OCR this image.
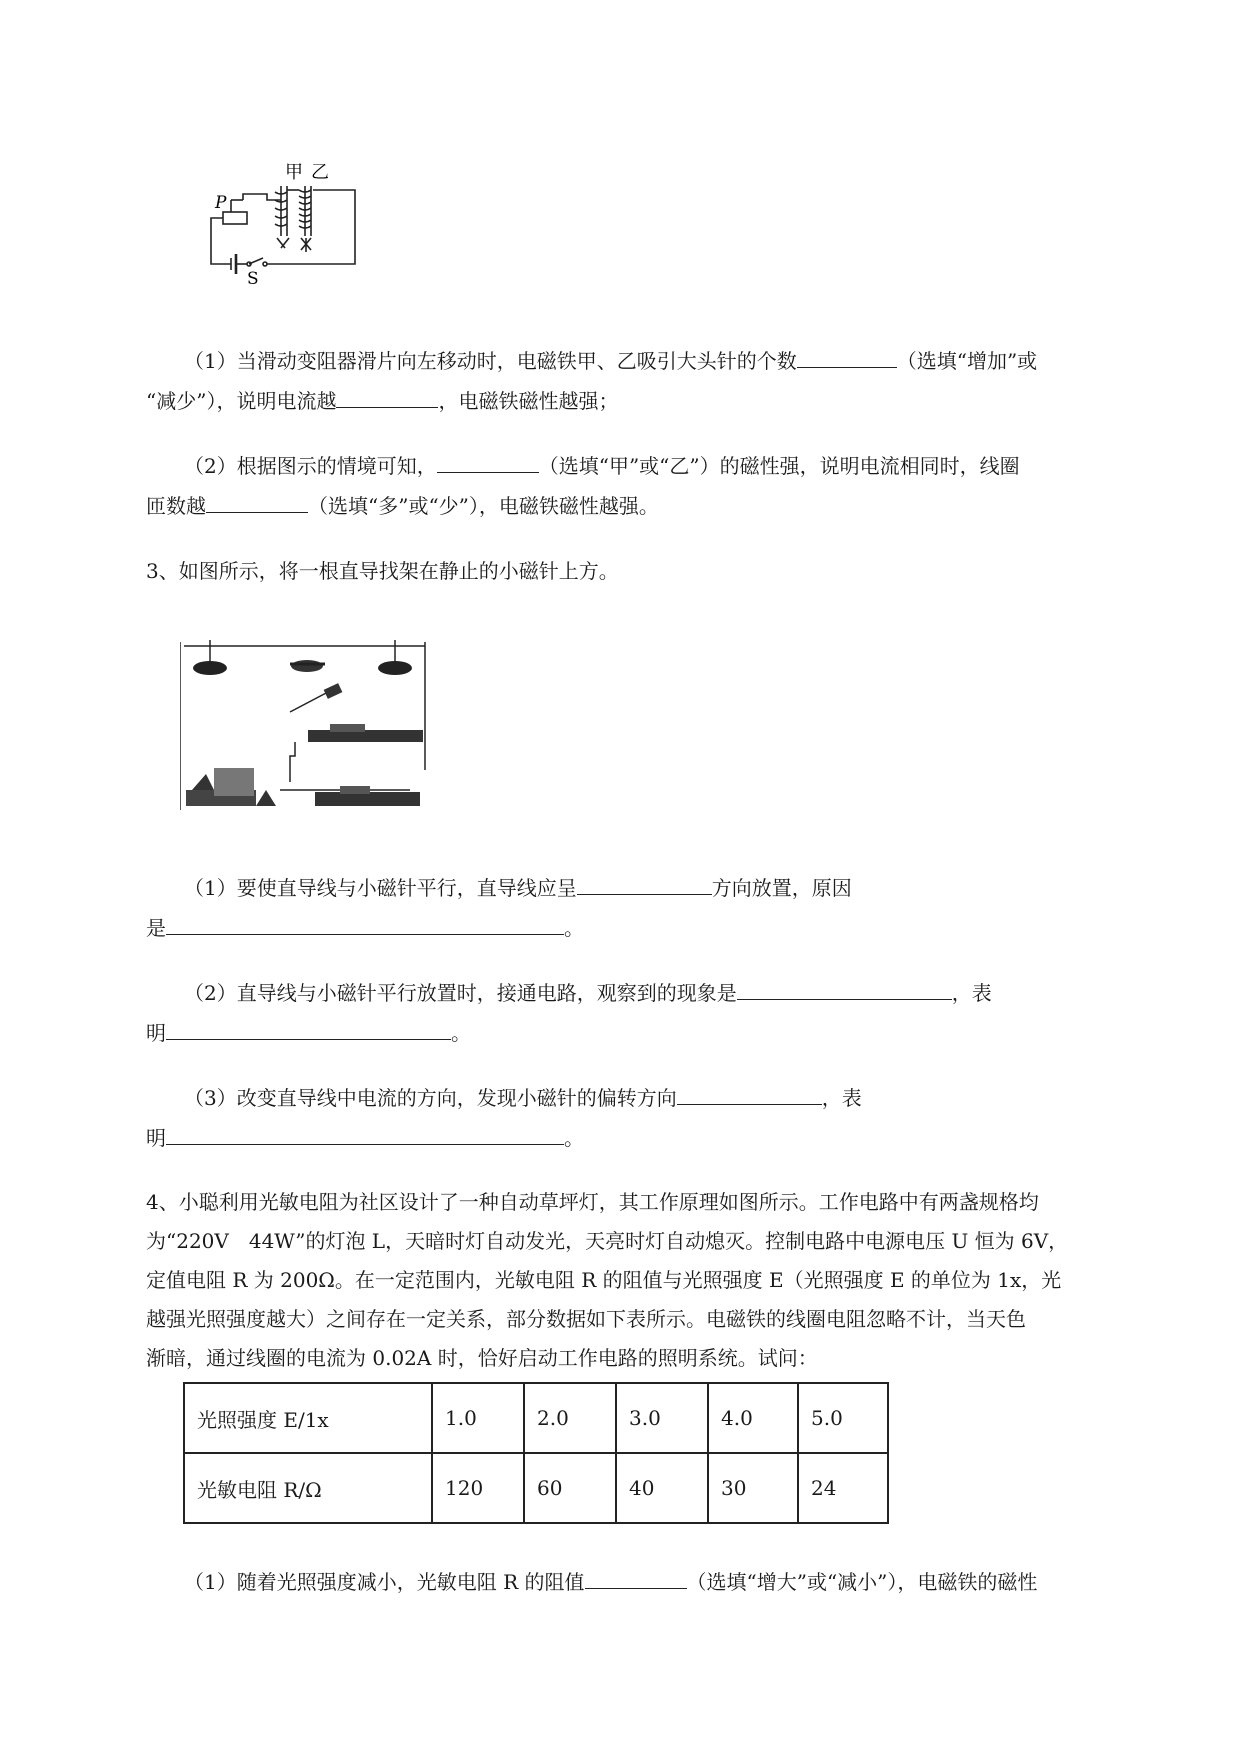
甲 乙
P
S
（1）当滑动变阻器滑片向左移动时，电磁铁甲、乙吸引大头针的个数	（选填“增加”或
“减少”），说明电流越	，电磁铁磁性越强；
（2）根据图示的情境可知，	（选填“甲”或“乙”）的磁性强，说明电流相同时，线圈
匝数越	（选填“多”或“少”），电磁铁磁性越强。
3、如图所示，将一根直导找架在静止的小磁针上方。
（1）要使直导线与小磁针平行，直导线应呈	方向放置，原因
是	。
（2）直导线与小磁针平行放置时，接通电路，观察到的现象是	，表
明	。
（3）改变直导线中电流的方向，发现小磁针的偏转方向	，表
明	。
4、小聪利用光敏电阻为社区设计了一种自动草坪灯，其工作原理如图所示。工作电路中有两盏规格均
为“220V　44W”的灯泡 L，天暗时灯自动发光，天亮时灯自动熄灭。控制电路中电源电压 U 恒为 6V，
定值电阻 R 为 200Ω。在一定范围内，光敏电阻 R 的阻值与光照强度 E（光照强度 E 的单位为 1x，光
越强光照强度越大）之间存在一定关系，部分数据如下表所示。电磁铁的线圈电阻忽略不计，当天色
渐暗，通过线圈的电流为 0.02A 时，恰好启动工作电路的照明系统。试问：
光照强度 E/1x	1.0	2.0	3.0	4.0	5.0
光敏电阻 R/Ω	120	60	40	30	24
（1）随着光照强度减小，光敏电阻 R 的阻值	（选填“增大”或“减小”），电磁铁的磁性
